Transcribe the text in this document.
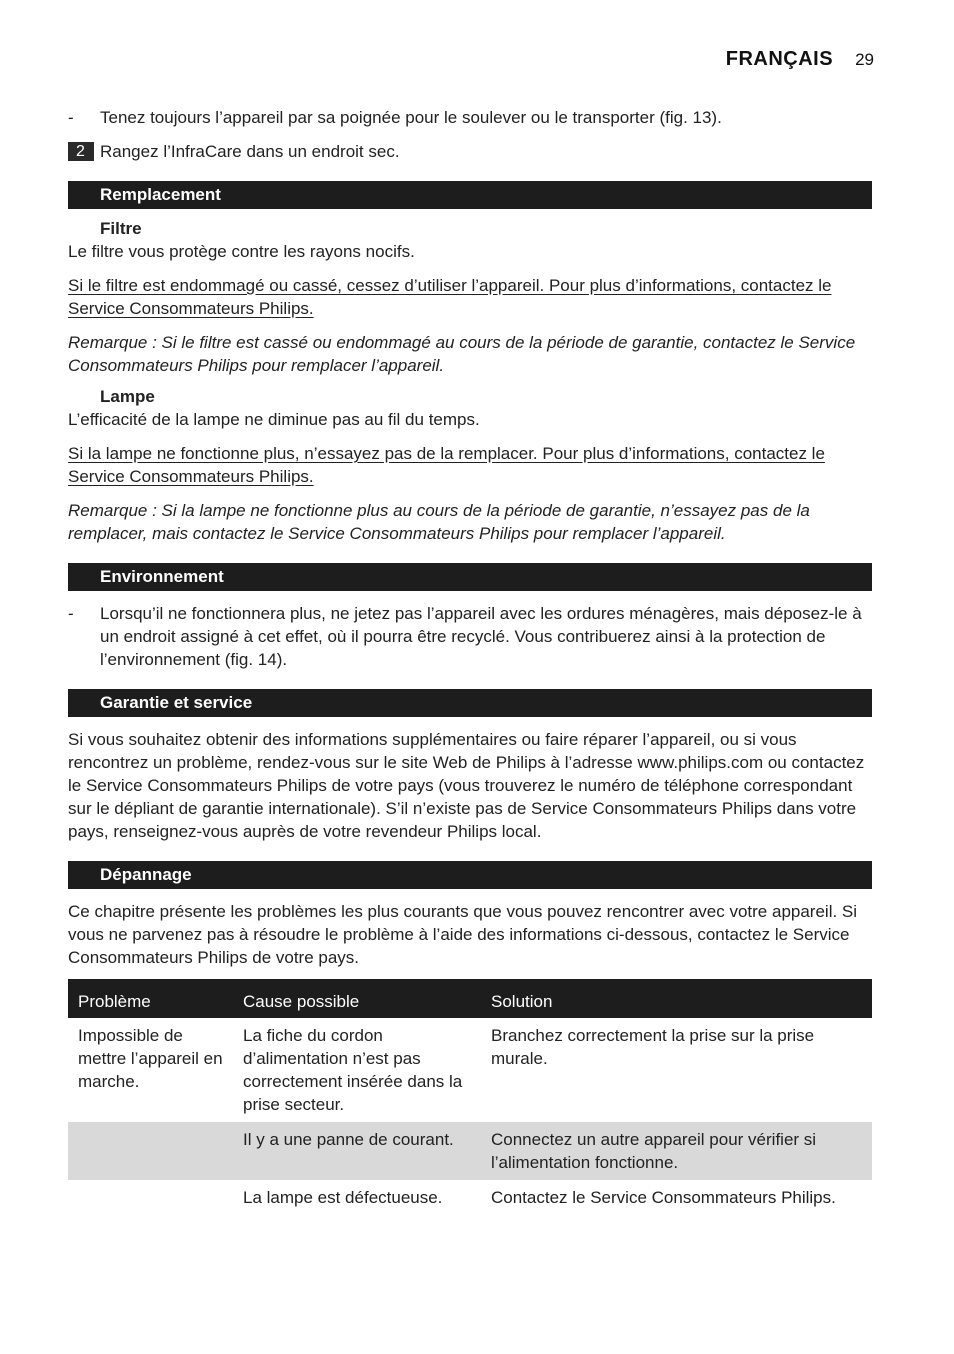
FRANÇAIS 29
-	Tenez toujours l’appareil par sa poignée pour le soulever ou le transporter (fig. 13).
2 Rangez l’InfraCare dans un endroit sec.
Remplacement
Filtre
Le filtre vous protège contre les rayons nocifs.
Si le filtre est endommagé ou cassé, cessez d’utiliser l’appareil. Pour plus d’informations, contactez le Service Consommateurs Philips.
Remarque : Si le filtre est cassé ou endommagé au cours de la période de garantie, contactez le Service Consommateurs Philips pour remplacer l’appareil.
Lampe
L’efficacité de la lampe ne diminue pas au fil du temps.
Si la lampe ne fonctionne plus, n’essayez pas de la remplacer. Pour plus d’informations, contactez le Service Consommateurs Philips.
Remarque : Si la lampe ne fonctionne plus au cours de la période de garantie, n’essayez pas de la remplacer, mais contactez le Service Consommateurs Philips pour remplacer l’appareil.
Environnement
-	Lorsqu’il ne fonctionnera plus, ne jetez pas l’appareil avec les ordures ménagères, mais déposez-le à un endroit assigné à cet effet, où il pourra être recyclé. Vous contribuerez ainsi à la protection de l’environnement (fig. 14).
Garantie et service
Si vous souhaitez obtenir des informations supplémentaires ou faire réparer l’appareil, ou si vous rencontrez un problème, rendez-vous sur le site Web de Philips à l’adresse www.philips.com ou contactez le Service Consommateurs Philips de votre pays (vous trouverez le numéro de téléphone correspondant sur le dépliant de garantie internationale). S’il n’existe pas de Service Consommateurs Philips dans votre pays, renseignez-vous auprès de votre revendeur Philips local.
Dépannage
Ce chapitre présente les problèmes les plus courants que vous pouvez rencontrer avec votre appareil. Si vous ne parvenez pas à résoudre le problème à l’aide des informations ci-dessous, contactez le Service Consommateurs Philips de votre pays.
Problème	Cause possible	Solution
Impossible de mettre l’appareil en marche.	La fiche du cordon d’alimentation n’est pas correctement insérée dans la prise secteur.	Branchez correctement la prise sur la prise murale.
	Il y a une panne de courant.	Connectez un autre appareil pour vérifier si l’alimentation fonctionne.
	La lampe est défectueuse.	Contactez le Service Consommateurs Philips.
